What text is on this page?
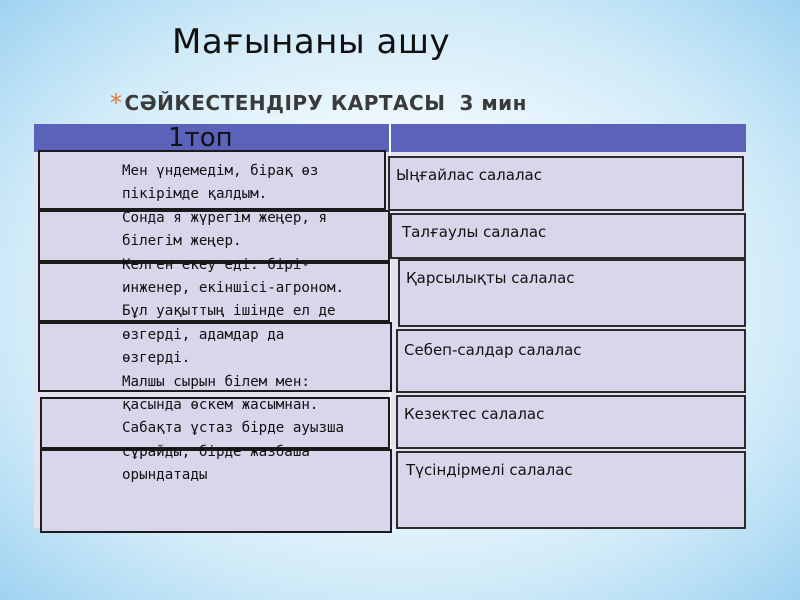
Мағынаны ашу
* СӘЙКЕСТЕНДІРУ КАРТАСЫ 3 мин
Ыңғайлас салалас
Талғаулы салалас
Қарсылықты салалас
Себеп-салдар салалас
Кезектес салалас
Түсіндірмелі салалас
1топ
Мен үндемедім, бірақ өз
пікірімде қалдым.
Сонда я жүрегім жеңер, я
білегім жеңер.
Келген екеу еді: бірі-
инженер, екіншісі-агроном.
Бұл уақыттың ішінде ел де
өзгерді, адамдар да
өзгерді.
Малшы сырын білем мен:
қасында өскем жасымнан.
Сабақта ұстаз бірде ауызша
сұрайды, бірде жазбаша
орындатады
